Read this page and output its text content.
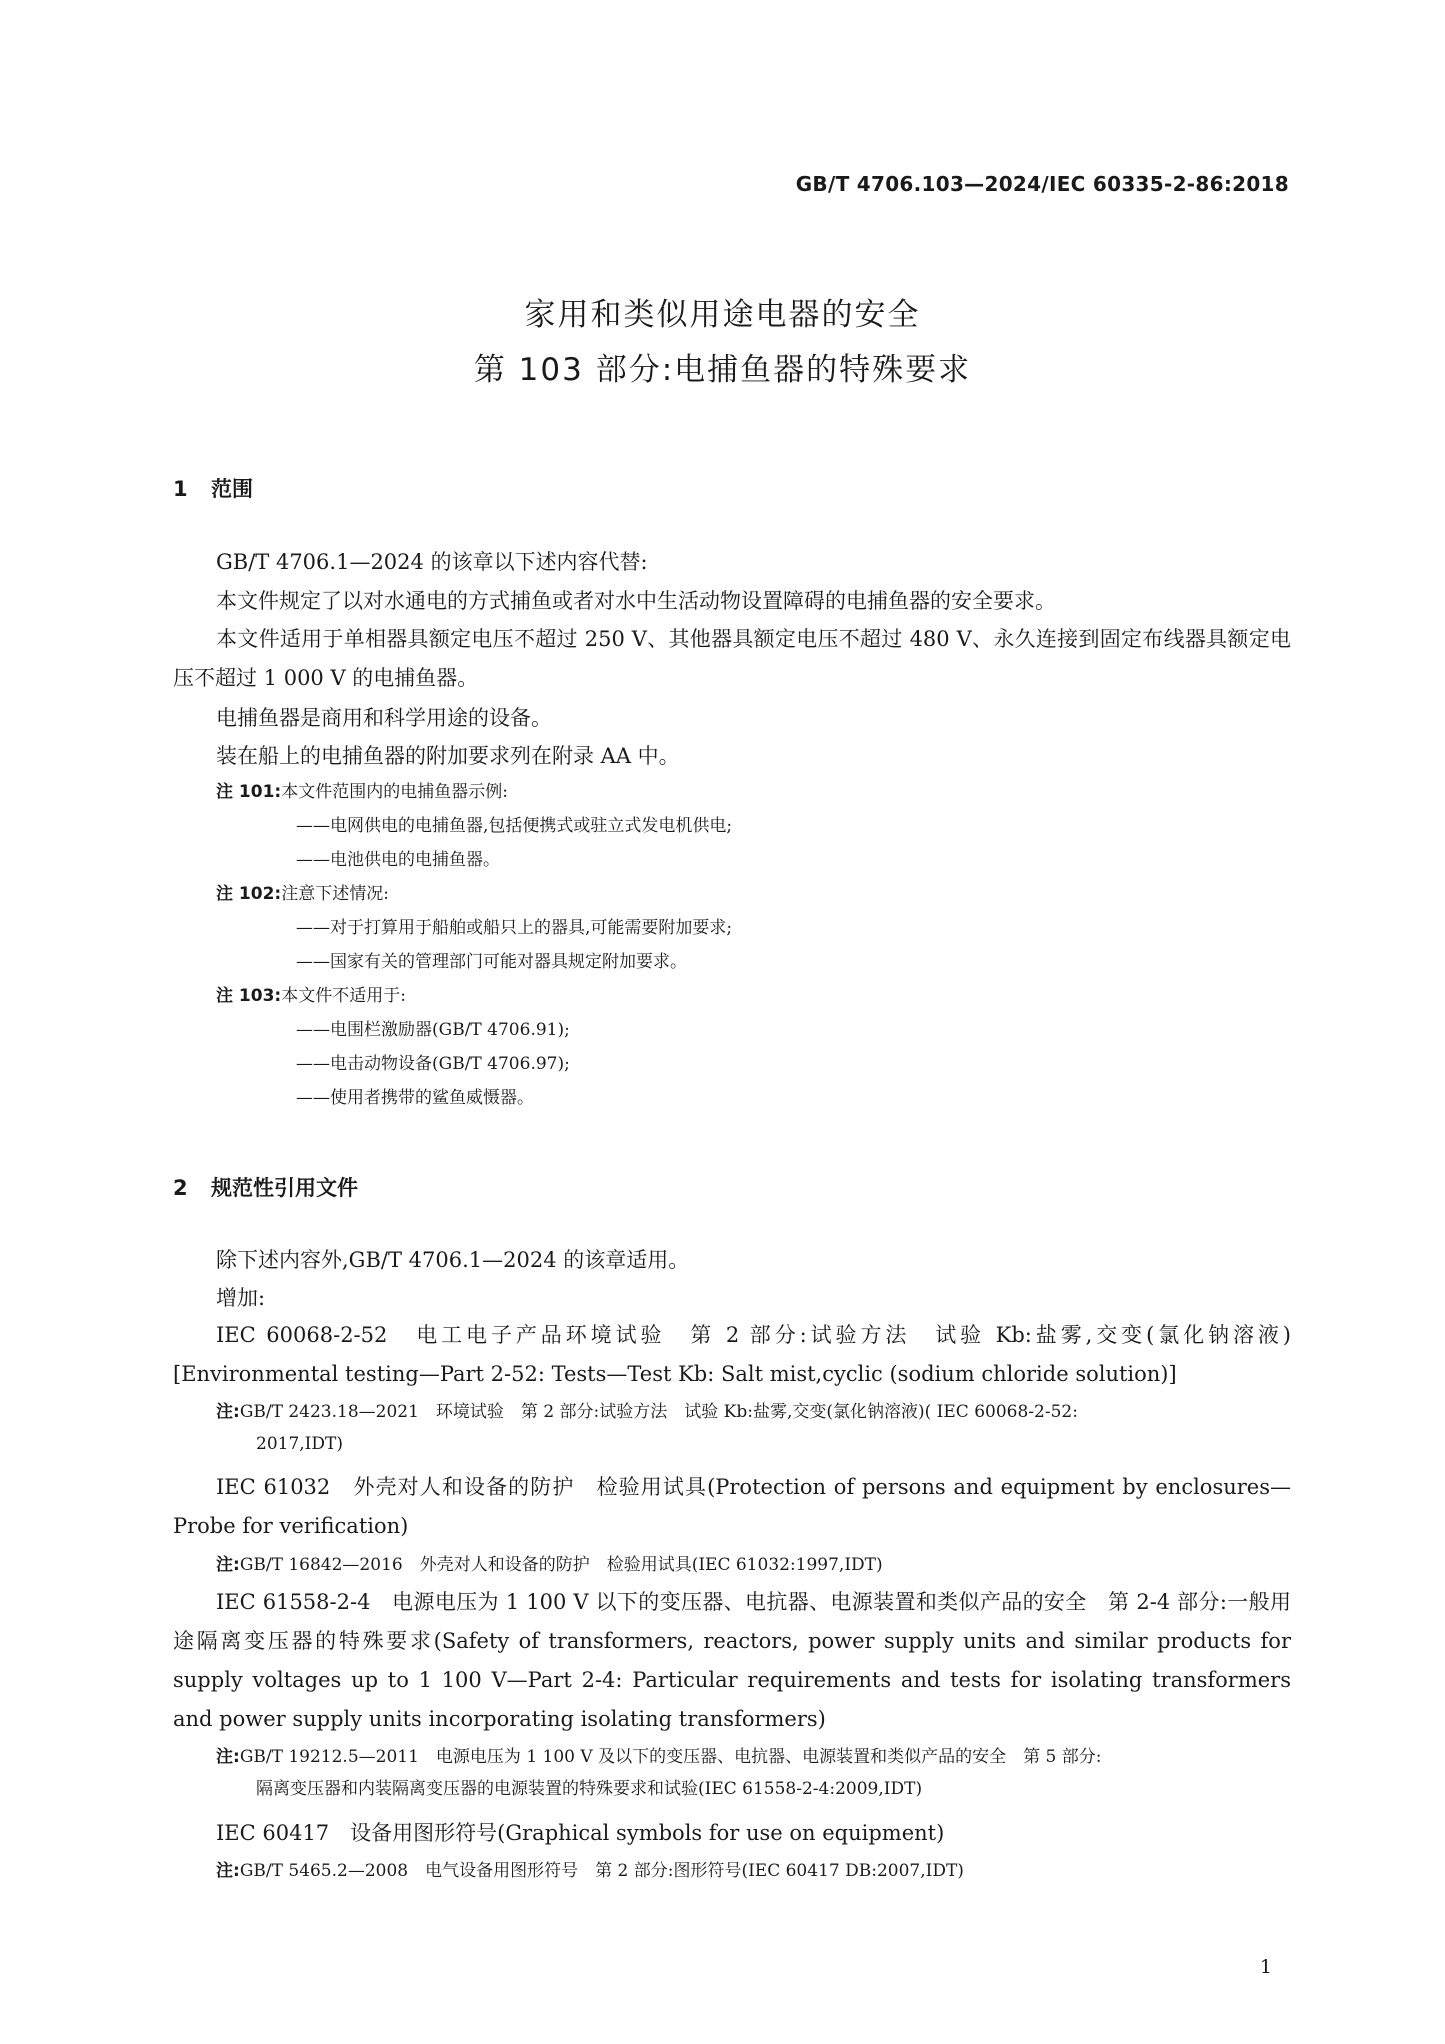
GB/T 4706.103—2024/IEC 60335-2-86:2018
家用和类似用途电器的安全
第 103 部分:电捕鱼器的特殊要求
1 范围
GB/T 4706.1—2024 的该章以下述内容代替:
本文件规定了以对水通电的方式捕鱼或者对水中生活动物设置障碍的电捕鱼器的安全要求。

本文件适用于单相器具额定电压不超过 250 V、其他器具额定电压不超过 480 V、永久连接到固定布线器具额定电压不超过 1 000 V 的电捕鱼器。

电捕鱼器是商用和科学用途的设备。
装在船上的电捕鱼器的附加要求列在附录 AA 中。
注 101:本文件范围内的电捕鱼器示例:
——电网供电的电捕鱼器,包括便携式或驻立式发电机供电;
——电池供电的电捕鱼器。
注 102:注意下述情况:
——对于打算用于船舶或船只上的器具,可能需要附加要求;
——国家有关的管理部门可能对器具规定附加要求。
注 103:本文件不适用于:
——电围栏激励器(GB/T 4706.91);
——电击动物设备(GB/T 4706.97);
——使用者携带的鲨鱼威慑器。
2 规范性引用文件
除下述内容外,GB/T 4706.1—2024 的该章适用。
增加:

IEC 60068-2-52　电工电子产品环境试验　第 2 部分:试验方法　试验 Kb:盐雾,交变(氯化钠溶液)[Environmental testing—Part 2-52: Tests—Test Kb: Salt mist,cyclic (sodium chloride solution)]

注:GB/T 2423.18—2021　环境试验　第 2 部分:试验方法　试验 Kb:盐雾,交变(氯化钠溶液)( IEC 60068-2-52:
2017,IDT)

IEC 61032　外壳对人和设备的防护　检验用试具(Protection of persons and equipment by enclosures—Probe for verification)

注:GB/T 16842—2016　外壳对人和设备的防护　检验用试具(IEC 61032:1997,IDT)

IEC 61558-2-4　电源电压为 1 100 V 以下的变压器、电抗器、电源装置和类似产品的安全　第 2-4 部分:一般用途隔离变压器的特殊要求(Safety of transformers, reactors, power supply units and similar products for supply voltages up to 1 100 V—Part 2-4: Particular requirements and tests for isolating transformers and power supply units incorporating isolating transformers)

注:GB/T 19212.5—2011　电源电压为 1 100 V 及以下的变压器、电抗器、电源装置和类似产品的安全　第 5 部分:
隔离变压器和内装隔离变压器的电源装置的特殊要求和试验(IEC 61558-2-4:2009,IDT)

IEC 60417　设备用图形符号(Graphical symbols for use on equipment)

注:GB/T 5465.2—2008　电气设备用图形符号　第 2 部分:图形符号(IEC 60417 DB:2007,IDT)
1
